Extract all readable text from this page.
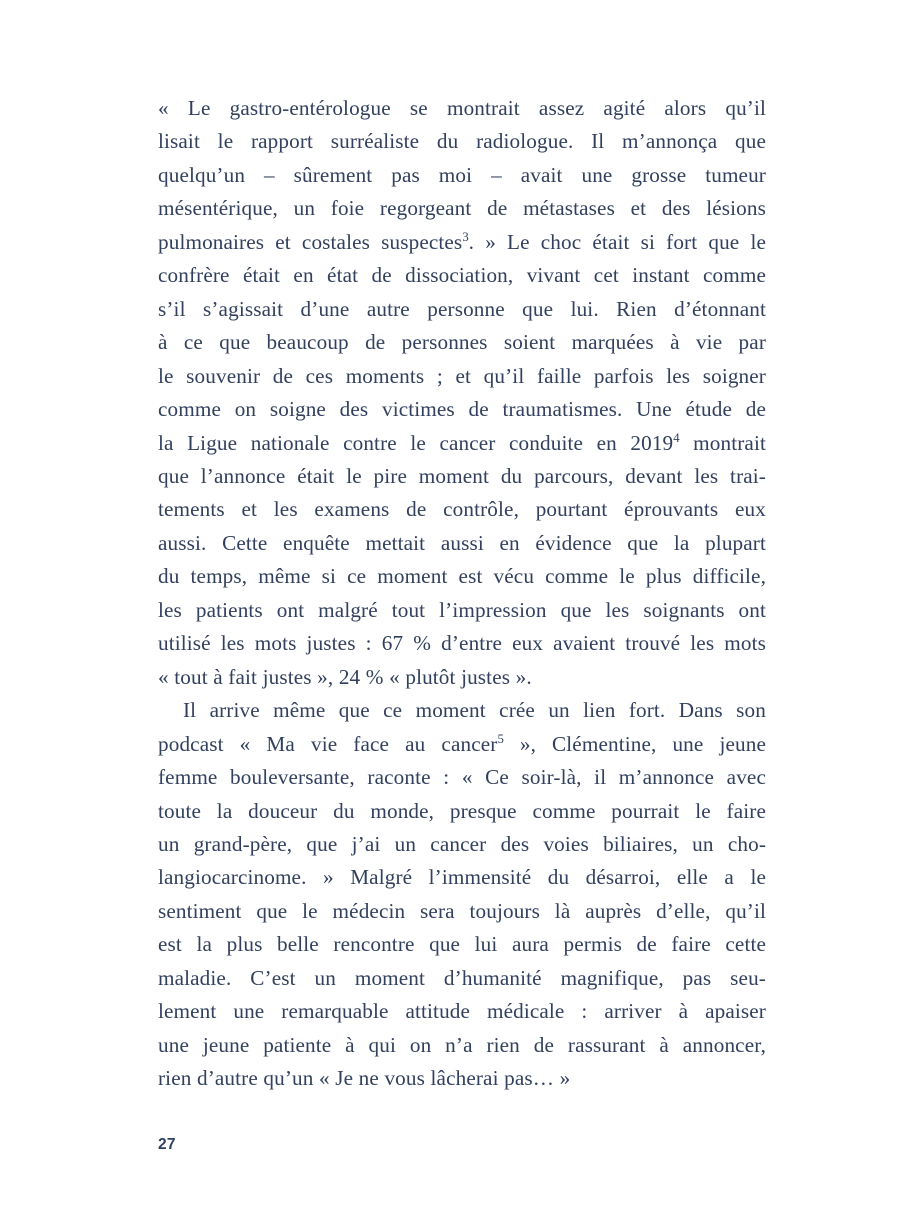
« Le gastro-entérologue se montrait assez agité alors qu’il
lisait le rapport surréaliste du radiologue. Il m’annonça que
quelqu’un – sûrement pas moi – avait une grosse tumeur
mésentérique, un foie regorgeant de métastases et des lésions
pulmonaires et costales suspectes$^3$. » Le choc était si fort que le
confrère était en état de dissociation, vivant cet instant comme
s’il s’agissait d’une autre personne que lui. Rien d’étonnant
à ce que beaucoup de personnes soient marquées à vie par
le souvenir de ces moments ; et qu’il faille parfois les soigner
comme on soigne des victimes de traumatismes. Une étude de
la Ligue nationale contre le cancer conduite en 2019$^4$ montrait
que l’annonce était le pire moment du parcours, devant les trai-
tements et les examens de contrôle, pourtant éprouvants eux
aussi. Cette enquête mettait aussi en évidence que la plupart
du temps, même si ce moment est vécu comme le plus difficile,
les patients ont malgré tout l’impression que les soignants ont
utilisé les mots justes : 67 % d’entre eux avaient trouvé les mots
« tout à fait justes », 24 % « plutôt justes ».

Il arrive même que ce moment crée un lien fort. Dans son
podcast « Ma vie face au cancer$^5$ », Clémentine, une jeune
femme bouleversante, raconte : « Ce soir-là, il m’annonce avec
toute la douceur du monde, presque comme pourrait le faire
un grand-père, que j’ai un cancer des voies biliaires, un cho-
langiocarcinome. » Malgré l’immensité du désarroi, elle a le
sentiment que le médecin sera toujours là auprès d’elle, qu’il
est la plus belle rencontre que lui aura permis de faire cette
maladie. C’est un moment d’humanité magnifique, pas seu-
lement une remarquable attitude médicale : arriver à apaiser
une jeune patiente à qui on n’a rien de rassurant à annoncer,
rien d’autre qu’un « Je ne vous lâcherai pas… »

27
